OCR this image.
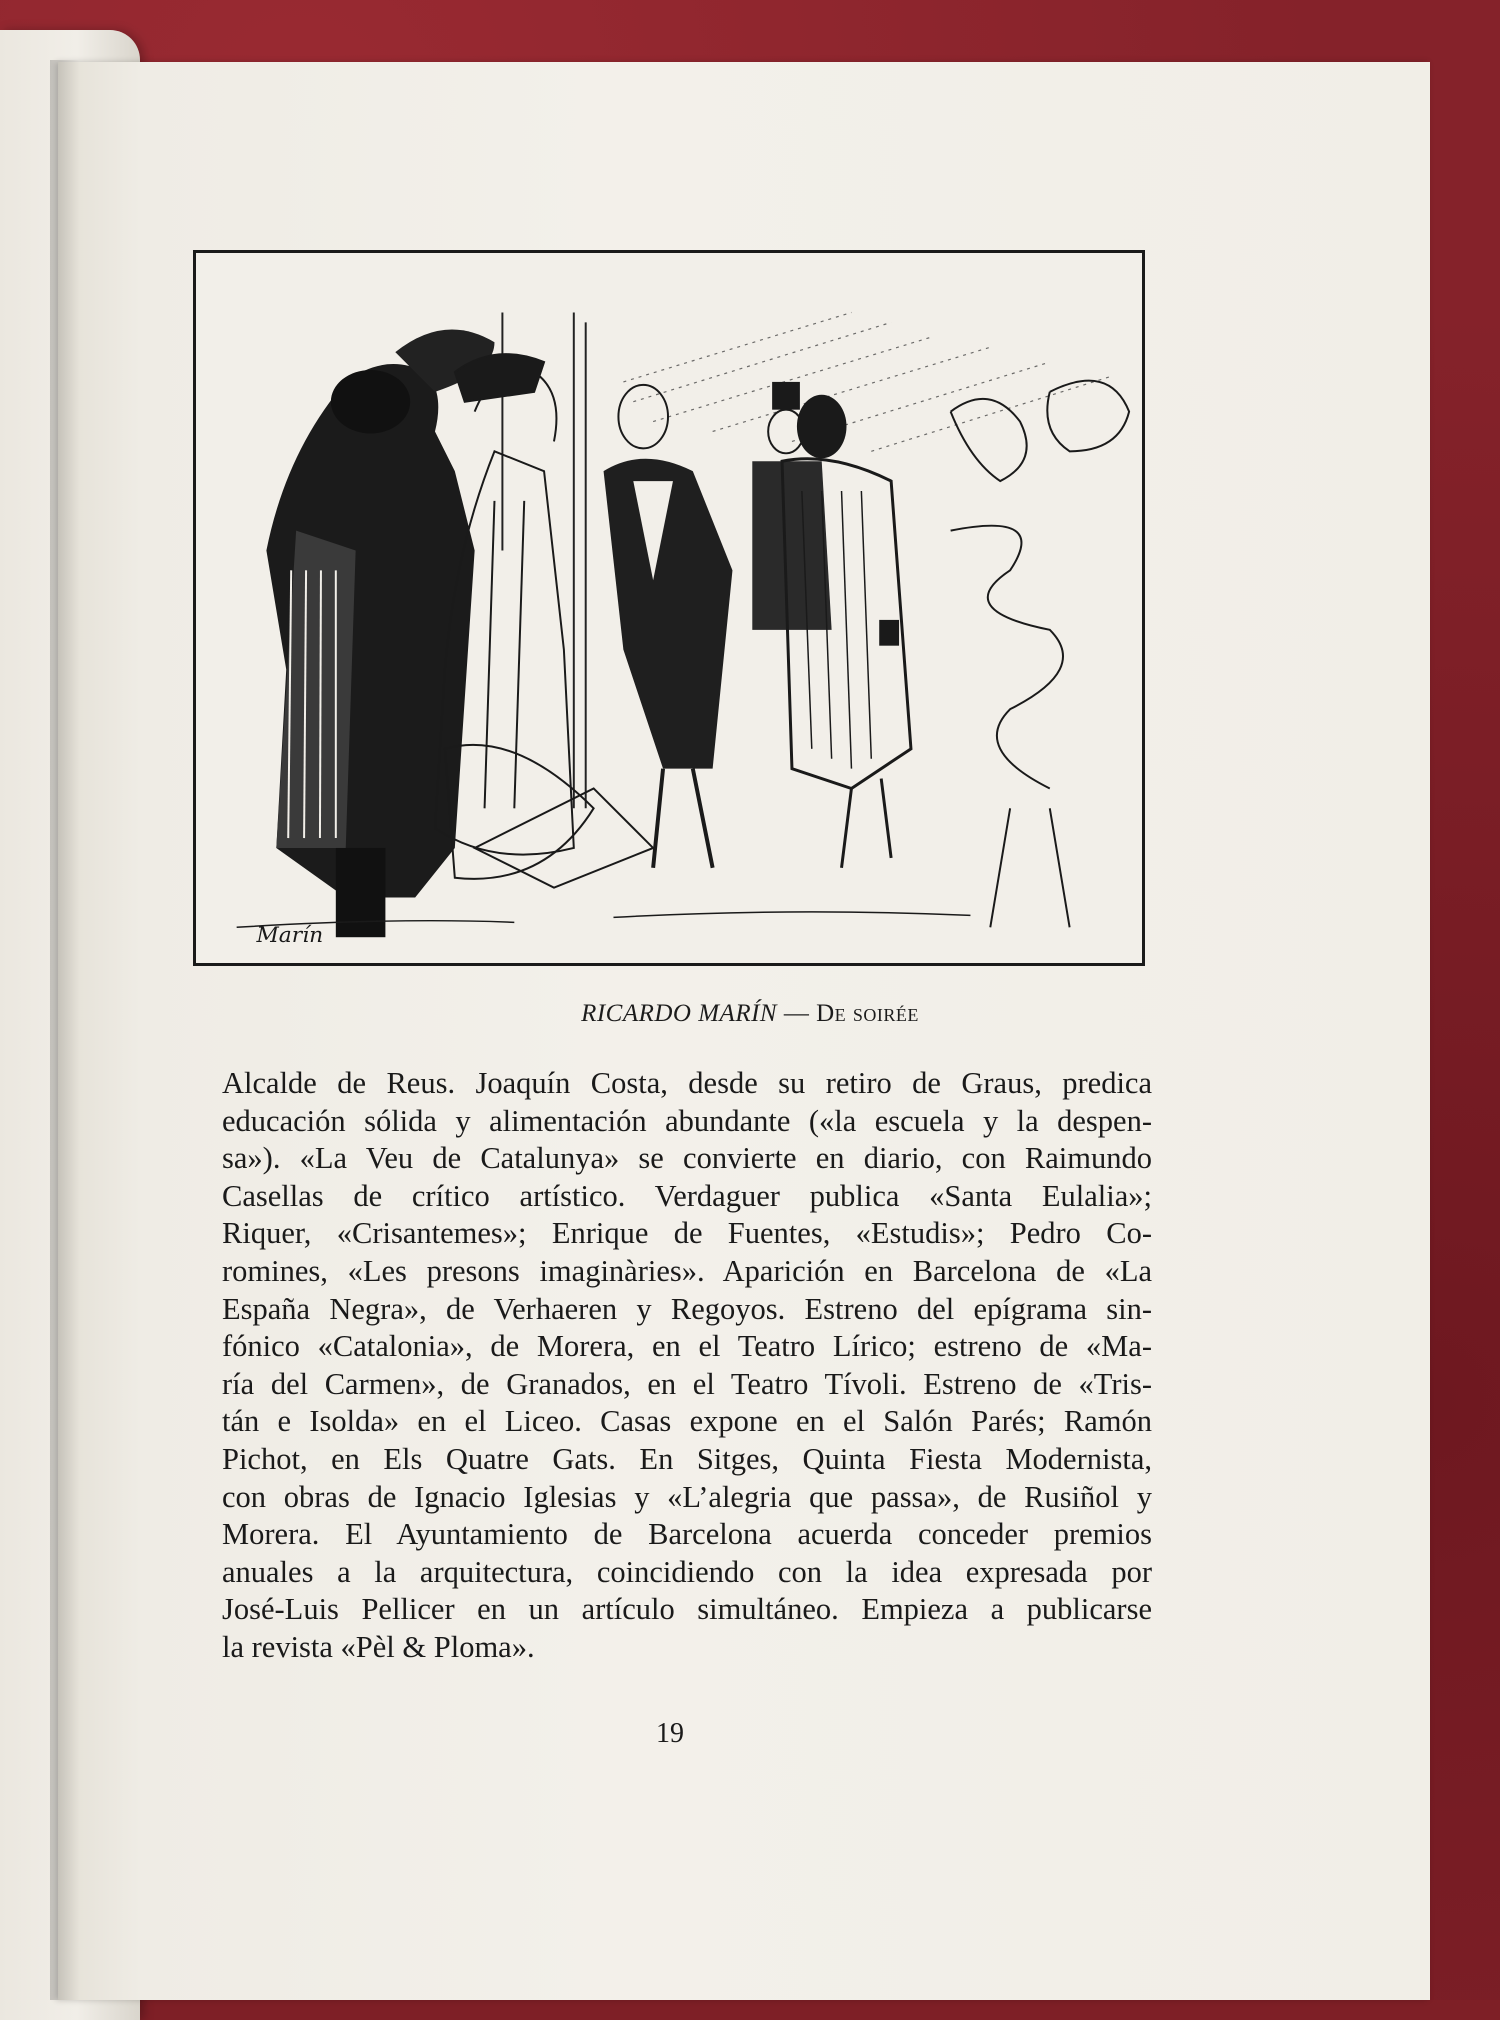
Marín
RICARDO MARÍN — De soirée
Alcalde de Reus. Joaquín Costa, desde su retiro de Graus, predica
educación sólida y alimentación abundante («la escuela y la despen-
sa»). «La Veu de Catalunya» se convierte en diario, con Raimundo
Casellas de crítico artístico. Verdaguer publica «Santa Eulalia»;
Riquer, «Crisantemes»; Enrique de Fuentes, «Estudis»; Pedro Co-
romines, «Les presons imaginàries». Aparición en Barcelona de «La
España Negra», de Verhaeren y Regoyos. Estreno del epígrama sin-
fónico «Catalonia», de Morera, en el Teatro Lírico; estreno de «Ma-
ría del Carmen», de Granados, en el Teatro Tívoli. Estreno de «Tris-
tán e Isolda» en el Liceo. Casas expone en el Salón Parés; Ramón
Pichot, en Els Quatre Gats. En Sitges, Quinta Fiesta Modernista,
con obras de Ignacio Iglesias y «L’alegria que passa», de Rusiñol y
Morera. El Ayuntamiento de Barcelona acuerda conceder premios
anuales a la arquitectura, coincidiendo con la idea expresada por
José-Luis Pellicer en un artículo simultáneo. Empieza a publicarse
la revista «Pèl & Ploma».
19
